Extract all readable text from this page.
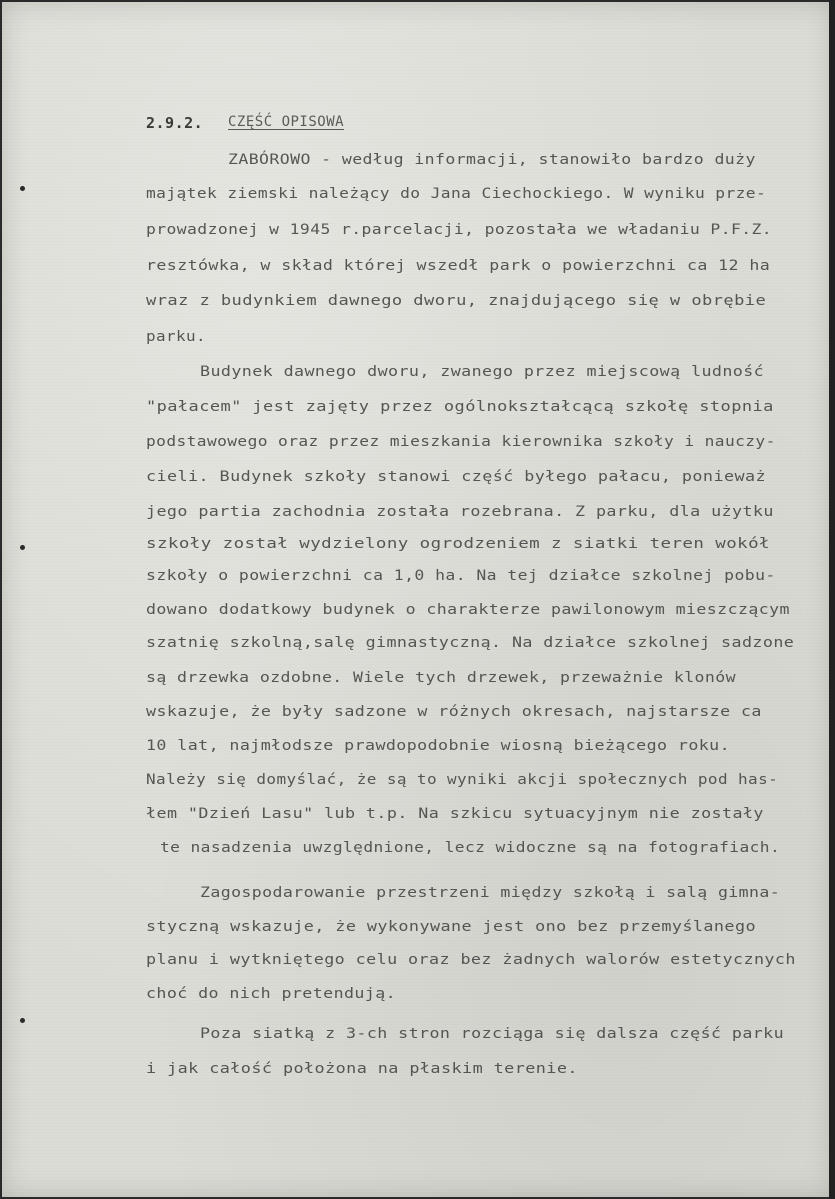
2.9.2. CZĘŚĆ OPISOWA
ZABÓROWO - według informacji, stanowiło bardzo duży
majątek ziemski należący do Jana Ciechockiego. W wyniku prze-
prowadzonej w 1945 r.parcelacji, pozostała we władaniu P.F.Z.
resztówka, w skład której wszedł park o powierzchni ca 12 ha
wraz z budynkiem dawnego dworu, znajdującego się w obrębie
parku.
Budynek dawnego dworu, zwanego przez miejscową ludność
"pałacem" jest zajęty przez ogólnokształcącą szkołę stopnia
podstawowego oraz przez mieszkania kierownika szkoły i nauczy-
cieli. Budynek szkoły stanowi część byłego pałacu, ponieważ
jego partia zachodnia została rozebrana. Z parku, dla użytku
szkoły został wydzielony ogrodzeniem z siatki teren wokół
szkoły o powierzchni ca 1,0 ha. Na tej działce szkolnej pobu-
dowano dodatkowy budynek o charakterze pawilonowym mieszczącym
szatnię szkolną,salę gimnastyczną. Na działce szkolnej sadzone
są drzewka ozdobne. Wiele tych drzewek, przeważnie klonów
wskazuje, że były sadzone w różnych okresach, najstarsze ca
10 lat, najmłodsze prawdopodobnie wiosną bieżącego roku.
Należy się domyślać, że są to wyniki akcji społecznych pod has-
łem "Dzień Lasu" lub t.p. Na szkicu sytuacyjnym nie zostały
te nasadzenia uwzględnione, lecz widoczne są na fotografiach.
Zagospodarowanie przestrzeni między szkołą i salą gimna-
styczną wskazuje, że wykonywane jest ono bez przemyślanego
planu i wytkniętego celu oraz bez żadnych walorów estetycznych
choć do nich pretendują.
Poza siatką z 3-ch stron rozciąga się dalsza część parku
i jak całość położona na płaskim terenie.
